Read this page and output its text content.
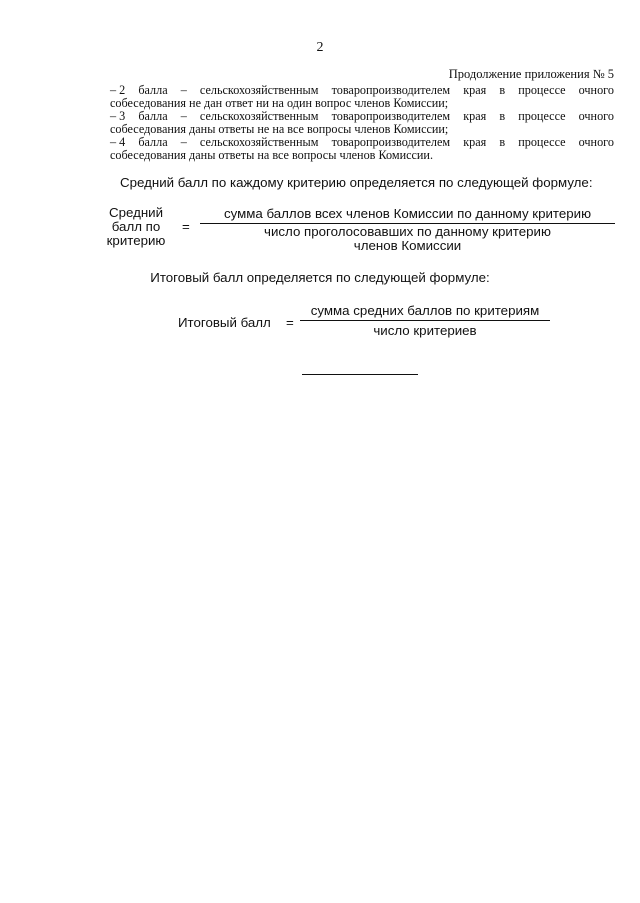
2
Продолжение приложения № 5
– 2 балла – сельскохозяйственным товаропроизводителем края в процессе очного
собеседования не дан ответ ни на один вопрос членов Комиссии;
– 3 балла – сельскохозяйственным товаропроизводителем края в процессе очного
собеседования даны ответы не на все вопросы членов Комиссии;
– 4 балла – сельскохозяйственным товаропроизводителем края в процессе очного
собеседования даны ответы на все вопросы членов Комиссии.
Средний балл по каждому критерию определяется по следующей формуле:
Средний
балл по
критерию
=
сумма баллов всех членов Комиссии по данному критерию
число проголосовавших по данному критерию
членов Комиссии
Итоговый балл определяется по следующей формуле:
Итоговый балл =
сумма средних баллов по критериям
число критериев
